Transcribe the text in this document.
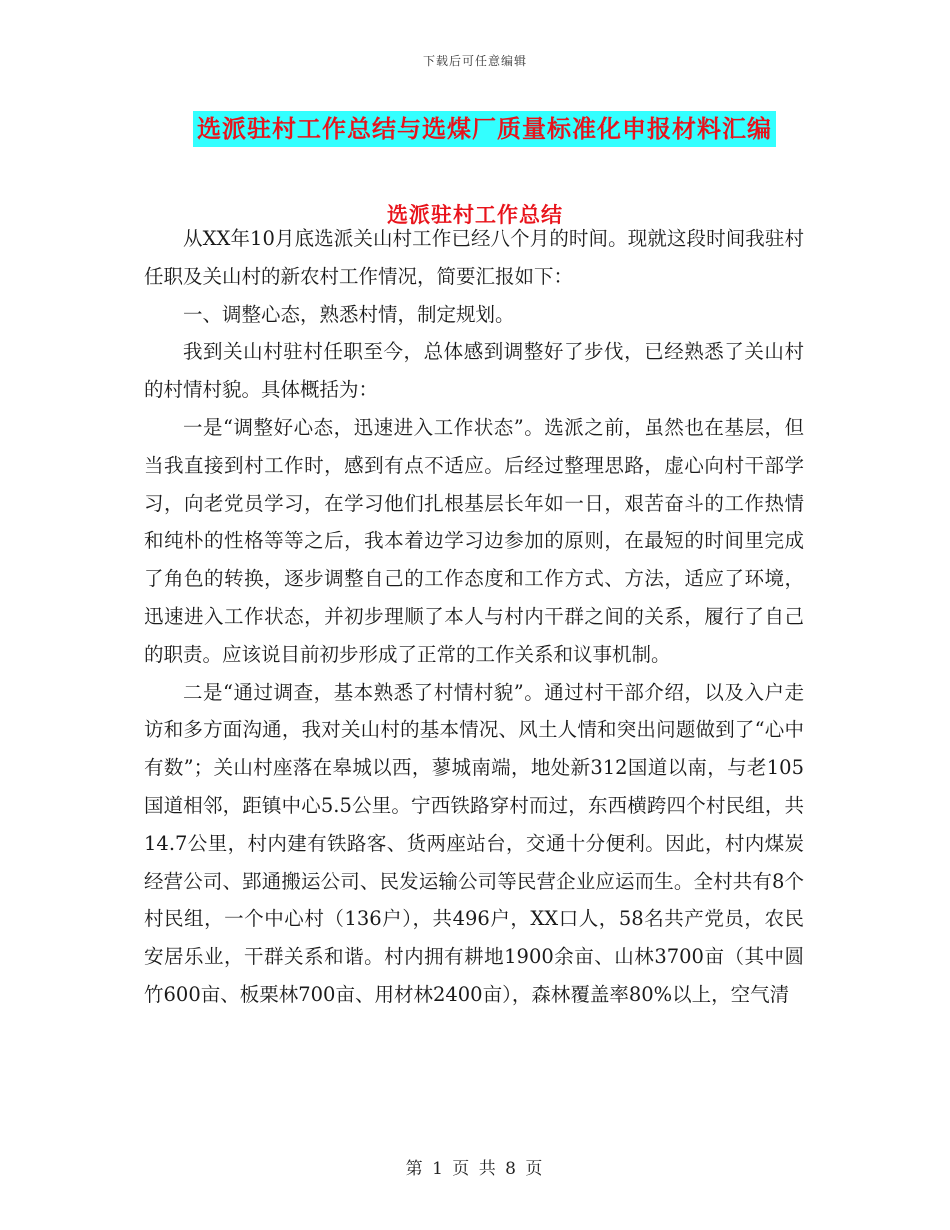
下载后可任意编辑
选派驻村工作总结与选煤厂质量标准化申报材料汇编
选派驻村工作总结

从XX年10月底选派关山村工作已经八个月的时间。现就这段时间我驻村任职及关山村的新农村工作情况，简要汇报如下：

一、调整心态，熟悉村情，制定规划。

我到关山村驻村任职至今，总体感到调整好了步伐，已经熟悉了关山村的村情村貌。具体概括为：

一是“调整好心态，迅速进入工作状态”。选派之前，虽然也在基层，但当我直接到村工作时，感到有点不适应。后经过整理思路，虚心向村干部学习，向老党员学习，在学习他们扎根基层长年如一日，艰苦奋斗的工作热情和纯朴的性格等等之后，我本着边学习边参加的原则，在最短的时间里完成了角色的转换，逐步调整自己的工作态度和工作方式、方法，适应了环境，迅速进入工作状态，并初步理顺了本人与村内干群之间的关系，履行了自己的职责。应该说目前初步形成了正常的工作关系和议事机制。

二是“通过调查，基本熟悉了村情村貌”。通过村干部介绍，以及入户走访和多方面沟通，我对关山村的基本情况、风土人情和突出问题做到了“心中有数”；关山村座落在皋城以西，蓼城南端，地处新312国道以南，与老105国道相邻，距镇中心5.5公里。宁西铁路穿村而过，东西横跨四个村民组，共14.7公里，村内建有铁路客、货两座站台，交通十分便利。因此，村内煤炭经营公司、郢通搬运公司、民发运输公司等民营企业应运而生。全村共有8个村民组，一个中心村（136户），共496户，XX口人，58名共产党员，农民安居乐业，干群关系和谐。村内拥有耕地1900余亩、山林3700亩（其中圆竹600亩、板栗林700亩、用材林2400亩），森林覆盖率80%以上，空气清

第 1 页 共 8 页
